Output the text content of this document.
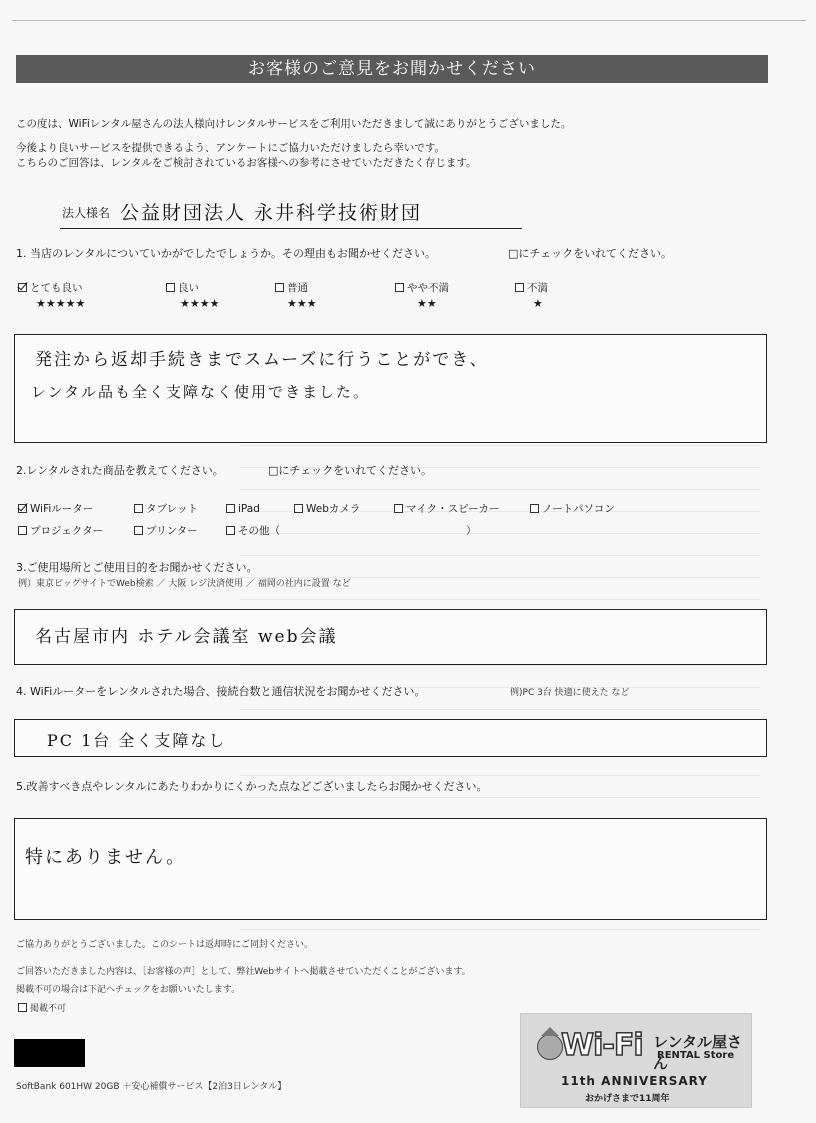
お客様のご意見をお聞かせください
この度は、WiFiレンタル屋さんの法人様向けレンタルサービスをご利用いただきまして誠にありがとうございました。
今後より良いサービスを提供できるよう、アンケートにご協力いただけましたら幸いです。
こちらのご回答は、レンタルをご検討されているお客様への参考にさせていただきたく存じます。
法人様名 公益財団法人 永井科学技術財団
1. 当店のレンタルについていかがでしたでしょうか。その理由もお聞かせください。	□にチェックをいれてください。
とても良い
★★★★★
良い
★★★★
普通
★★★
やや不満
★★
不満
★
発注から返却手続きまでスムーズに行うことができ、
レンタル品も全く支障なく使用できました。
2.レンタルされた商品を教えてください。	□にチェックをいれてください。
WiFiルーター	タブレット	iPad	Webカメラ	マイク・スピーカー	ノートパソコン
プロジェクター	プリンター	その他（	）
3.ご使用場所とご使用目的をお聞かせください。
例）東京ビッグサイトでWeb検索 ／ 大阪 レジ決済使用 ／ 福岡の社内に設置 など
名古屋市内 ホテル会議室 web会議
4. WiFiルーターをレンタルされた場合、接続台数と通信状況をお聞かせください。	例)PC 3台 快適に使えた など
PC 1台 全く支障なし
5.改善すべき点やレンタルにあたりわかりにくかった点などございましたらお聞かせください。
特にありません。
ご協力ありがとうございました。このシートは返却時にご同封ください。
ご回答いただきました内容は、［お客様の声］として、弊社Webサイトへ掲載させていただくことがございます。
掲載不可の場合は下記ヘチェックをお願いいたします。
掲載不可
SoftBank 601HW 20GB ＋安心補償サービス【2泊3日レンタル】
Wi-Fi レンタル屋さん
RENTAL Store
11th ANNIVERSARY
おかげさまで11周年
